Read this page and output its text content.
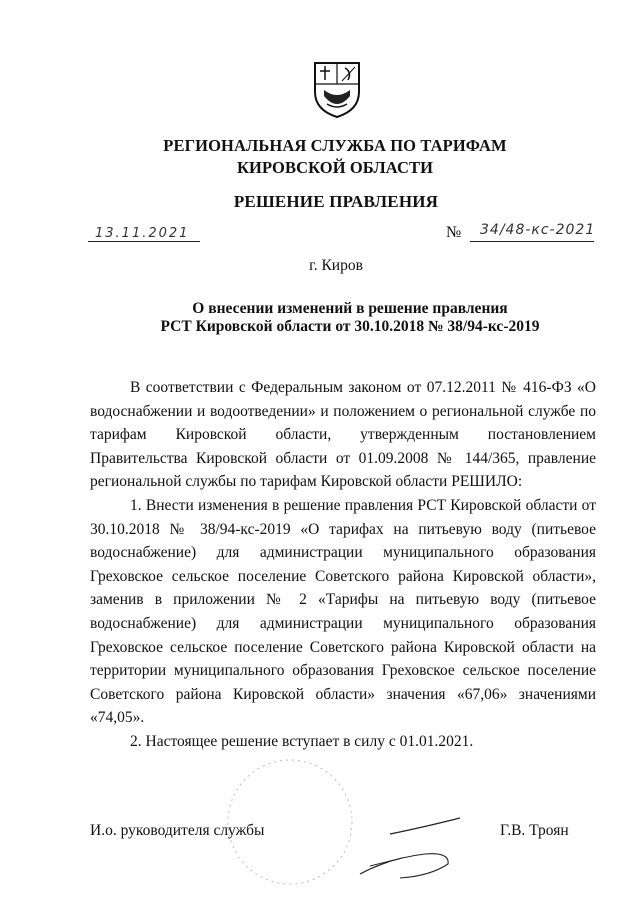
РЕГИОНАЛЬНАЯ СЛУЖБА ПО ТАРИФАМ
КИРОВСКОЙ ОБЛАСТИ
РЕШЕНИЕ ПРАВЛЕНИЯ
13.11.2021	№ 34/48-кс-2021
г. Киров
О внесении изменений в решение правления
РСТ Кировской области от 30.10.2018 № 38/94-кс-2019

В соответствии с Федеральным законом от 07.12.2011 № 416-ФЗ «О водоснабжении и водоотведении» и положением о региональной службе по тарифам Кировской области, утвержденным постановлением Правительства Кировской области от 01.09.2008 № 144/365, правление региональной службы по тарифам Кировской области РЕШИЛО:

1. Внести изменения в решение правления РСТ Кировской области от 30.10.2018 № 38/94-кс-2019 «О тарифах на питьевую воду (питьевое водоснабжение) для администрации муниципального образования Греховское сельское поселение Советского района Кировской области», заменив в приложении № 2 «Тарифы на питьевую воду (питьевое водоснабжение) для администрации муниципального образования Греховское сельское поселение Советского района Кировской области на территории муниципального образования Греховское сельское поселение Советского района Кировской области» значения «67,06» значениями «74,05».

2. Настоящее решение вступает в силу с 01.01.2021.

И.о. руководителя службы	Г.В. Троян
